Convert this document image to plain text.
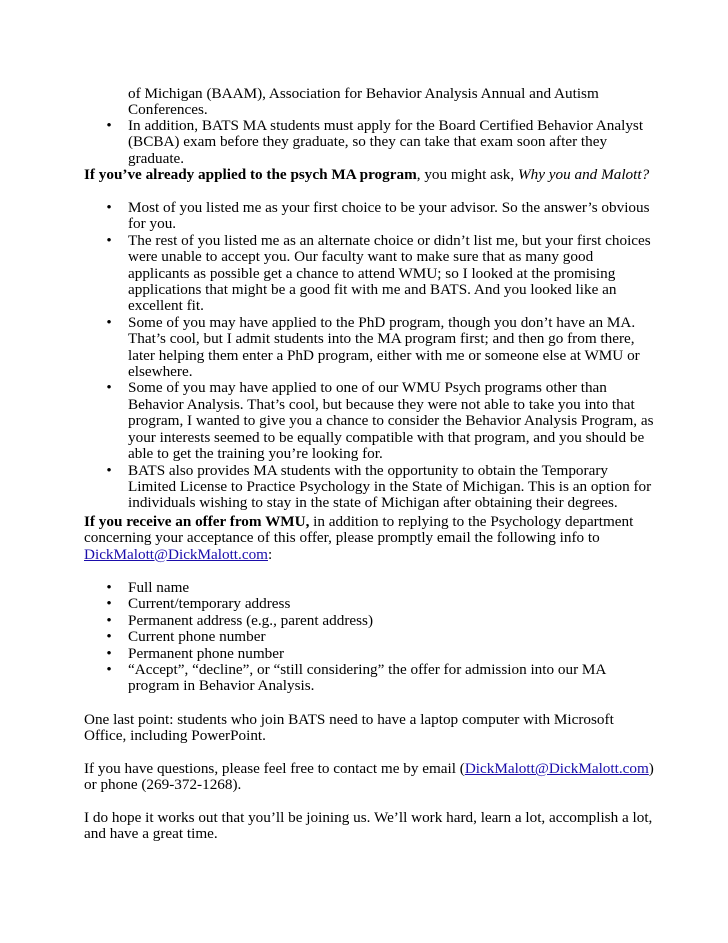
of Michigan (BAAM), Association for Behavior Analysis Annual and Autism Conferences.

• In addition, BATS MA students must apply for the Board Certified Behavior Analyst (BCBA) exam before they graduate, so they can take that exam soon after they graduate.

If you’ve already applied to the psych MA program, you might ask, Why you and Malott?

• Most of you listed me as your first choice to be your advisor. So the answer’s obvious for you.
• The rest of you listed me as an alternate choice or didn’t list me, but your first choices were unable to accept you. Our faculty want to make sure that as many good applicants as possible get a chance to attend WMU; so I looked at the promising applications that might be a good fit with me and BATS. And you looked like an excellent fit.
• Some of you may have applied to the PhD program, though you don’t have an MA. That’s cool, but I admit students into the MA program first; and then go from there, later helping them enter a PhD program, either with me or someone else at WMU or elsewhere.
• Some of you may have applied to one of our WMU Psych programs other than Behavior Analysis. That’s cool, but because they were not able to take you into that program, I wanted to give you a chance to consider the Behavior Analysis Program, as your interests seemed to be equally compatible with that program, and you should be able to get the training you’re looking for.
• BATS also provides MA students with the opportunity to obtain the Temporary Limited License to Practice Psychology in the State of Michigan. This is an option for individuals wishing to stay in the state of Michigan after obtaining their degrees.

If you receive an offer from WMU, in addition to replying to the Psychology department concerning your acceptance of this offer, please promptly email the following info to DickMalott@DickMalott.com:

• Full name
• Current/temporary address
• Permanent address (e.g., parent address)
• Current phone number
• Permanent phone number
• “Accept”, “decline”, or “still considering” the offer for admission into our MA program in Behavior Analysis.

One last point: students who join BATS need to have a laptop computer with Microsoft Office, including PowerPoint.

If you have questions, please feel free to contact me by email (DickMalott@DickMalott.com) or phone (269-372-1268).

I do hope it works out that you’ll be joining us. We’ll work hard, learn a lot, accomplish a lot, and have a great time.
